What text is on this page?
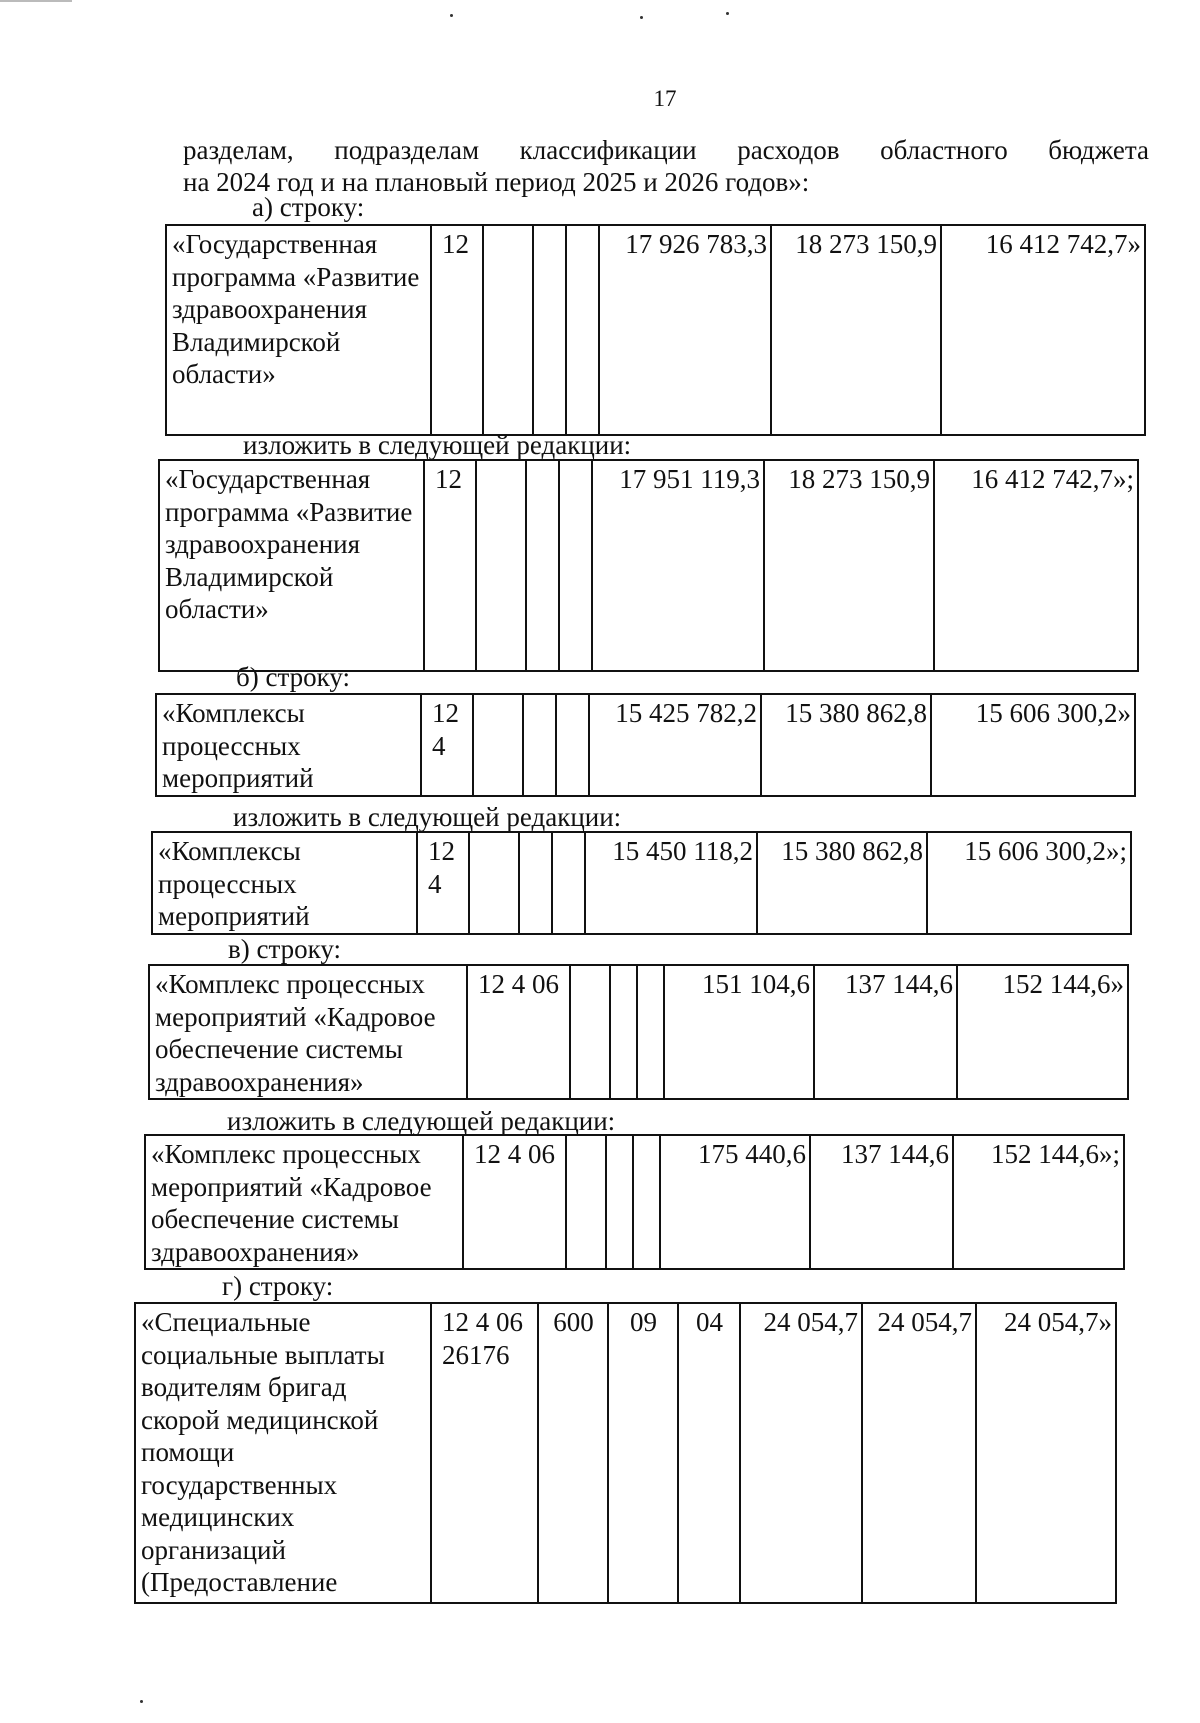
17
разделам, подразделам классификации расходов областного бюджета
на 2024 год и на плановый период 2025 и 2026 годов»:
а) строку:
«Государственная программа «Развитие здравоохранения Владимирской области»	12				17 926 783,3	18 273 150,9	16 412 742,7»
изложить в следующей редакции:
«Государственная программа «Развитие здравоохранения Владимирской области»	12				17 951 119,3	18 273 150,9	16 412 742,7»;
б) строку:
«Комплексы процессных мероприятий	12 4				15 425 782,2	15 380 862,8	15 606 300,2»
изложить в следующей редакции:
«Комплексы процессных мероприятий	12 4				15 450 118,2	15 380 862,8	15 606 300,2»;
в) строку:
«Комплекс процессных мероприятий «Кадровое обеспечение системы здравоохранения»	12 4 06				151 104,6	137 144,6	152 144,6»
изложить в следующей редакции:
«Комплекс процессных мероприятий «Кадровое обеспечение системы здравоохранения»	12 4 06				175 440,6	137 144,6	152 144,6»;
г) строку:
«Специальные социальные выплаты водителям бригад скорой медицинской помощи государственных медицинских организаций (Предоставление	12 4 06 26176	600	09	04	24 054,7	24 054,7	24 054,7»
